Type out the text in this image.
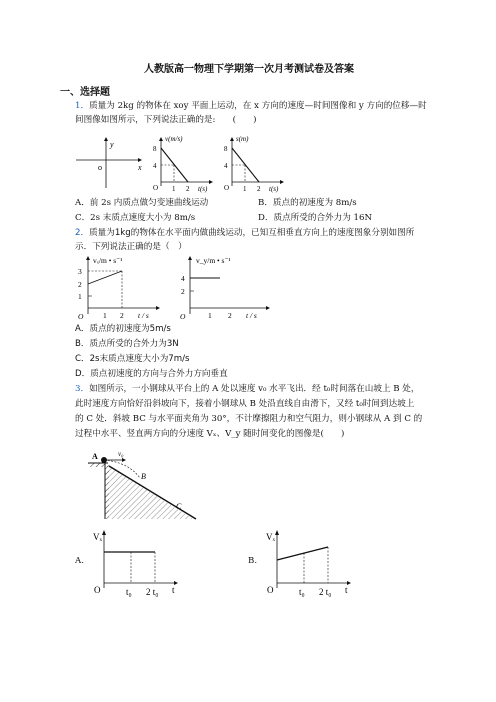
人教版高一物理下学期第一次月考测试卷及答案
一、选择题
1．质量为 2kg 的物体在 xoy 平面上运动，在 x 方向的速度—时间图像和 y 方向的位移—时
间图像如图所示，下列说法正确的是:　　(　　)
y
x
o
v(m/s)
8
4
O 1 2 t(s)
s(m)
8
4
O 1 2 t(s)
A．前 2s 内质点做匀变速曲线运动	B．质点的初速度为 8m/s
C．2s 末质点速度大小为 8m/s	D．质点所受的合外力为 16N
2．质量为1kg的物体在水平面内做曲线运动，已知互相垂直方向上的速度图象分别如图所
示．下列说法正确的是（　）
vₓ/m • s⁻¹
3
2
1
O	1 2 t / s
v_y/m • s⁻¹
4
2
O	1 2 t / s
A．质点的初速度为5m/s
B．质点所受的合外力为3N
C．2s末质点速度大小为7m/s
D．质点初速度的方向与合外力方向垂直
3．如图所示，一小钢球从平台上的 A 处以速度 v₀ 水平飞出．经 t₀时间落在山坡上 B 处，
此时速度方向恰好沿斜坡向下，接着小钢球从 B 处沿直线自由滑下，又经 t₀时间到达坡上
的 C 处．斜坡 BC 与水平面夹角为 30°，不计摩擦阻力和空气阻力，则小钢球从 A 到 C 的
过程中水平、竖直两方向的分速度 Vₓ、V_y 随时间变化的图像是(　　)
A	v₀
B
C
A.
Vₓ
O	t₀ 2 t₀ t
B.
Vₓ
O	t₀ 2 t₀ t
